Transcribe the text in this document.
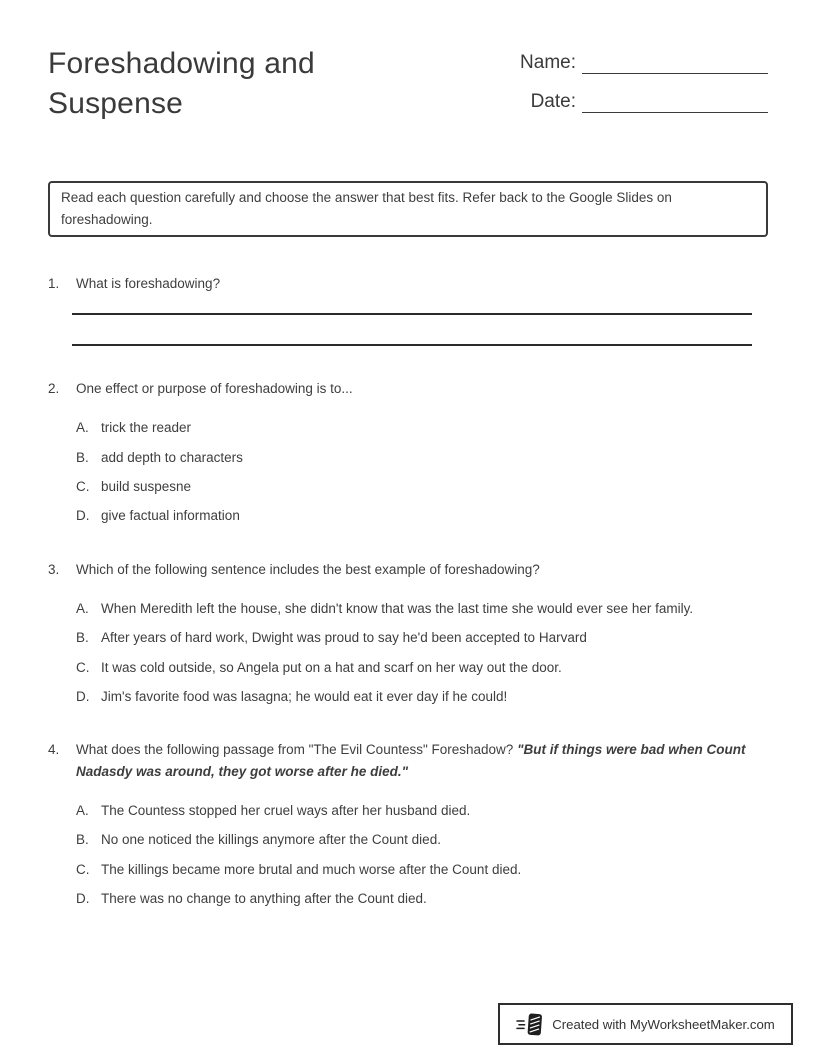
Foreshadowing and Suspense
Name:
Date:

Read each question carefully and choose the answer that best fits. Refer back to the Google Slides on foreshadowing.

1.	What is foreshadowing?
2.	One effect or purpose of foreshadowing is to...
A. trick the reader
B. add depth to characters
C. build suspesne
D. give factual information
3.	Which of the following sentence includes the best example of foreshadowing?
A. When Meredith left the house, she didn't know that was the last time she would ever see her family.
B. After years of hard work, Dwight was proud to say he'd been accepted to Harvard
C. It was cold outside, so Angela put on a hat and scarf on her way out the door.
D. Jim's favorite food was lasagna; he would eat it ever day if he could!
4.	What does the following passage from "The Evil Countess" Foreshadow? "But if things were bad when Count Nadasdy was around, they got worse after he died."
A. The Countess stopped her cruel ways after her husband died.
B. No one noticed the killings anymore after the Count died.
C. The killings became more brutal and much worse after the Count died.
D. There was no change to anything after the Count died.
Created with MyWorksheetMaker.com
